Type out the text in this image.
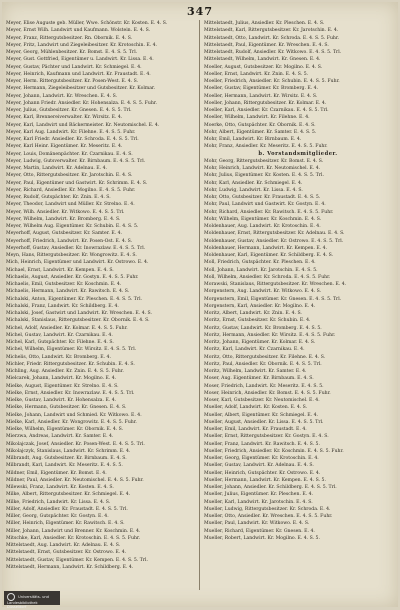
347
Meyer, Elise Auguste geb. Müller, Wwe. Schönstr. Kr. Kosten. E. 4. S.
Meyer, Ernst Wilh. Landwirt und Kaufmann. Wolstein. E. 4. S.
Meyer, Franz, Rittergutsbesitzer. Rn. Obornik. E. 4. S.
Meyer, Fritz, Landwirt und Ziegeleibesitzer. Kr. Krotoschin. E. 4.
Meyer, Georg, Mühlenbesitzer. Kr. Bomst. E. 4. S. 5. Trl.
Meyer, Gust. Gottfried, Eigentümer u. Landwirt. Kr. Lissa. E. 4.
Meyer, Gustav, Pächter und Landwirt. Kr. Schmiegel. E. 4.
Meyer, Heinrich, Kaufmann und Landwirt. Kr. Fraustadt. E. 4.
Meyer, Herm. Rittergutsbesitzer. Kr. Posen-West. E. 4. S.
Meyer, Hermann, Ziegeleibesitzer und Gutsbesitzer. Kr. Kolmar.
Meyer, Johann, Landwirt. Kr. Wreschen. E. 4. S.
Meyer, Johann Friedr. Ansiedler. Kr. Hohensalza. E. 4. S. 5. Fuhr.
Meyer, Julius, Gutsbesitzer. Kr. Gnesen. E. 4. S. 5. Trl.
Meyer, Karl, Brennereiverwalter. Kr. Wirsitz. E. 4.
Meyer, Karl, Landwirt und Bäckermeister. Kr. Neutomischel. E. 4.
Meyer, Karl Aug. Landwirt. Kr. Filehne. E. 4. S. 5. Fuhr.
Meyer, Karl Friedr. Ansiedler. Kr. Schroda. E. 4. S. 5. Trl.
Meyer, Karl Heinr. Eigentümer. Kr. Meseritz. E. 4.
Meyer, Louis, Domänenpächter. Kr. Czarnikau. E. 4. S.
Meyer, Ludwig, Gutsverwalter. Kr. Birnbaum. E. 4. S. 5. Trl.
Meyer, Martin, Landwirt. Kr. Adelnau. E. 4.
Meyer, Otto, Rittergutsbesitzer. Kr. Jarotschin. E. 4. S.
Meyer, Paul, Eigentümer und Gastwirt. Kr. Schrimm. E. 4. S.
Meyer, Richard, Ansiedler. Kr. Mogilno. E. 4. S. 5. Fuhr.
Meyer, Rudolf, Gutspächter. Kr. Znin. E. 4. S.
Meyer, Theodor, Landwirt und Müller. Kr. Strelno. E. 4.
Meyer, Wilh. Ansiedler. Kr. Witkowo. E. 4. S. 5. Trl.
Meyer, Wilhelm, Landwirt. Kr. Bromberg. E. 4. S.
Meyer, Wilhelm Aug. Eigentümer. Kr. Schubin. E. 4. S. 5.
Meyerhoff, August, Gutsbesitzer. Kr. Samter. E. 4.
Meyerhoff, Friedrich, Landwirt. Kr. Posen-Ost. E. 4. S.
Meyerhoff, Gustav, Ansiedler. Kr. Inowrazlaw. E. 4. S. 5. Trl.
Meyn, Hans, Rittergutsbesitzer. Kr. Wongrowitz. E. 4. S.
Mich, Heinrich, Eigentümer und Landwirt. Kr. Ostrowo. E. 4.
Michael, Ernst, Landwirt. Kr. Kempen. E. 4. S.
Michaelis, August, Ansiedler. Kr. Gostyn. E. 4. S. 5. Fuhr.
Michaelis, Emil, Gutsbesitzer. Kr. Koschmin. E. 4.
Michaelis, Hermann, Landwirt. Kr. Rawitsch. E. 4. S.
Michalski, Anton, Eigentümer. Kr. Pleschen. E. 4. S. 5. Trl.
Michalski, Franz, Landwirt. Kr. Schildberg. E. 4.
Michalski, Josef, Gastwirt und Landwirt. Kr. Wreschen. E. 4. S.
Michalski, Stanislaus, Rittergutsbesitzer. Kr. Obornik. E. 4. S.
Michel, Adolf, Ansiedler. Kr. Kolmar. E. 4. S. 5. Fuhr.
Michel, Gustav, Landwirt. Kr. Czarnikau. E. 4.
Michel, Karl, Gutspächter. Kr. Filehne. E. 4. S.
Michel, Wilhelm, Eigentümer. Kr. Wirsitz. E. 4. S. 5. Trl.
Michelis, Otto, Landwirt. Kr. Bromberg. E. 4.
Michler, Friedr. Rittergutsbesitzer. Kr. Schubin. E. 4. S.
Michling, Aug. Ansiedler. Kr. Znin. E. 4. S. 5. Fuhr.
Mielcarek, Johann, Landwirt. Kr. Mogilno. E. 4.
Mielke, August, Eigentümer. Kr. Strelno. E. 4. S.
Mielke, Ernst, Ansiedler. Kr. Inowrazlaw. E. 4. S. 5. Trl.
Mielke, Gustav, Landwirt. Kr. Hohensalza. E. 4.
Mielke, Hermann, Gutsbesitzer. Kr. Gnesen. E. 4. S.
Mielke, Johann, Landwirt und Schmied. Kr. Witkowo. E. 4.
Mielke, Karl, Ansiedler. Kr. Wongrowitz. E. 4. S. 5. Fuhr.
Mielke, Wilhelm, Eigentümer. Kr. Obornik. E. 4. S.
Mierzwa, Andreas, Landwirt. Kr. Samter. E. 4.
Mikolajczak, Josef, Ansiedler. Kr. Posen-West. E. 4. S. 5. Trl.
Mikolajczyk, Stanislaus, Landwirt. Kr. Schrimm. E. 4.
Milbrandt, Aug. Gutsbesitzer. Kr. Birnbaum. E. 4. S.
Milbrandt, Karl, Landwirt. Kr. Meseritz. E. 4. S. 5.
Mildner, Emil, Eigentümer. Kr. Bomst. E. 4.
Mildner, Paul, Ansiedler. Kr. Neutomischel. E. 4. S. 5. Fuhr.
Milewski, Franz, Landwirt. Kr. Kosten. E. 4. S.
Milke, Albert, Rittergutsbesitzer. Kr. Schmiegel. E. 4.
Milke, Friedrich, Landwirt. Kr. Lissa. E. 4. S.
Miller, Adolf, Ansiedler. Kr. Fraustadt. E. 4. S. 5. Trl.
Miller, Georg, Gutspächter. Kr. Gostyn. E. 4.
Miller, Heinrich, Eigentümer. Kr. Rawitsch. E. 4. S.
Miller, Johann, Landwirt und Brenner. Kr. Koschmin. E. 4.
Mitschke, Karl, Ansiedler. Kr. Krotoschin. E. 4. S. 5. Fuhr.
Mittelstaedt, Aug. Landwirt. Kr. Adelnau. E. 4. S.
Mittelstaedt, Ernst, Gutsbesitzer. Kr. Ostrowo. E. 4.
Mittelstaedt, Gustav, Eigentümer. Kr. Kempen. E. 4. S. 5. Trl.
Mittelstaedt, Hermann, Landwirt. Kr. Schildberg. E. 4.
Mittelstaedt, Julius, Ansiedler. Kr. Pleschen. E. 4. S.
Mittelstaedt, Karl, Rittergutsbesitzer. Kr. Jarotschin. E. 4.
Mittelstaedt, Otto, Landwirt. Kr. Schroda. E. 4. S. 5. Fuhr.
Mittelstaedt, Paul, Eigentümer. Kr. Wreschen. E. 4. S.
Mittelstaedt, Rudolf, Ansiedler. Kr. Witkowo. E. 4. S. 5. Trl.
Mittelstaedt, Wilhelm, Landwirt. Kr. Gnesen. E. 4.
Moeller, August, Gutsbesitzer. Kr. Mogilno. E. 4. S.
Moeller, Ernst, Landwirt. Kr. Znin. E. 4. S. 5.
Moeller, Friedrich, Ansiedler. Kr. Schubin. E. 4. S. 5. Fuhr.
Moeller, Gustav, Eigentümer. Kr. Bromberg. E. 4.
Moeller, Hermann, Landwirt. Kr. Wirsitz. E. 4. S.
Moeller, Johann, Rittergutsbesitzer. Kr. Kolmar. E. 4.
Moeller, Karl, Ansiedler. Kr. Czarnikau. E. 4. S. 5. Trl.
Moeller, Wilhelm, Landwirt. Kr. Filehne. E. 4.
Moerke, Otto, Gutspächter. Kr. Obornik. E. 4. S.
Mohr, Albert, Eigentümer. Kr. Samter. E. 4. S. 5.
Mohr, Emil, Landwirt. Kr. Birnbaum. E. 4.
Mohr, Franz, Ansiedler. Kr. Meseritz. E. 4. S. 5. Fuhr.
b. Vorstandsmitglieder.
Mohr, Georg, Rittergutsbesitzer. Kr. Bomst. E. 4. S.
Mohr, Heinrich, Landwirt. Kr. Neutomischel. E. 4.
Mohr, Julius, Eigentümer. Kr. Kosten. E. 4. S. 5. Trl.
Mohr, Karl, Ansiedler. Kr. Schmiegel. E. 4.
Mohr, Ludwig, Landwirt. Kr. Lissa. E. 4. S.
Mohr, Otto, Gutsbesitzer. Kr. Fraustadt. E. 4. S. 5.
Mohr, Paul, Landwirt und Gastwirt. Kr. Gostyn. E. 4.
Mohr, Richard, Ansiedler. Kr. Rawitsch. E. 4. S. 5. Fuhr.
Mohr, Wilhelm, Eigentümer. Kr. Koschmin. E. 4. S.
Moldenhauer, Aug. Landwirt. Kr. Krotoschin. E. 4.
Moldenhauer, Ernst, Rittergutsbesitzer. Kr. Adelnau. E. 4. S.
Moldenhauer, Gustav, Ansiedler. Kr. Ostrowo. E. 4. S. 5. Trl.
Moldenhauer, Hermann, Landwirt. Kr. Kempen. E. 4.
Moldenhauer, Karl, Eigentümer. Kr. Schildberg. E. 4. S.
Moll, Friedrich, Gutspächter. Kr. Pleschen. E. 4.
Moll, Johann, Landwirt. Kr. Jarotschin. E. 4. S. 5.
Moll, Wilhelm, Ansiedler. Kr. Schroda. E. 4. S. 5. Fuhr.
Morawski, Stanislaus, Rittergutsbesitzer. Kr. Wreschen. E. 4.
Morgenstern, Aug. Landwirt. Kr. Witkowo. E. 4. S.
Morgenstern, Emil, Eigentümer. Kr. Gnesen. E. 4. S. 5. Trl.
Morgenstern, Karl, Ansiedler. Kr. Mogilno. E. 4.
Moritz, Albert, Landwirt. Kr. Znin. E. 4. S.
Moritz, Ernst, Gutsbesitzer. Kr. Schubin. E. 4.
Moritz, Gustav, Landwirt. Kr. Bromberg. E. 4. S. 5.
Moritz, Hermann, Ansiedler. Kr. Wirsitz. E. 4. S. 5. Fuhr.
Moritz, Johann, Eigentümer. Kr. Kolmar. E. 4. S.
Moritz, Karl, Landwirt. Kr. Czarnikau. E. 4.
Moritz, Otto, Rittergutsbesitzer. Kr. Filehne. E. 4. S.
Moritz, Paul, Ansiedler. Kr. Obornik. E. 4. S. 5. Trl.
Moritz, Wilhelm, Landwirt. Kr. Samter. E. 4.
Moser, Aug. Eigentümer. Kr. Birnbaum. E. 4. S.
Moser, Friedrich, Landwirt. Kr. Meseritz. E. 4. S. 5.
Moser, Heinrich, Ansiedler. Kr. Bomst. E. 4. S. 5. Fuhr.
Moser, Karl, Gutsbesitzer. Kr. Neutomischel. E. 4.
Mueller, Adolf, Landwirt. Kr. Kosten. E. 4. S.
Mueller, Albert, Eigentümer. Kr. Schmiegel. E. 4.
Mueller, August, Ansiedler. Kr. Lissa. E. 4. S. 5. Trl.
Mueller, Emil, Landwirt. Kr. Fraustadt. E. 4.
Mueller, Ernst, Rittergutsbesitzer. Kr. Gostyn. E. 4. S.
Mueller, Franz, Landwirt. Kr. Rawitsch. E. 4. S. 5.
Mueller, Friedrich, Ansiedler. Kr. Koschmin. E. 4. S. 5. Fuhr.
Mueller, Georg, Eigentümer. Kr. Krotoschin. E. 4.
Mueller, Gustav, Landwirt. Kr. Adelnau. E. 4. S.
Mueller, Heinrich, Gutspächter. Kr. Ostrowo. E. 4.
Mueller, Hermann, Landwirt. Kr. Kempen. E. 4. S. 5.
Mueller, Johann, Ansiedler. Kr. Schildberg. E. 4. S. 5. Trl.
Mueller, Julius, Eigentümer. Kr. Pleschen. E. 4.
Mueller, Karl, Landwirt. Kr. Jarotschin. E. 4. S.
Mueller, Ludwig, Rittergutsbesitzer. Kr. Schroda. E. 4.
Mueller, Otto, Ansiedler. Kr. Wreschen. E. 4. S. 5. Fuhr.
Mueller, Paul, Landwirt. Kr. Witkowo. E. 4. S.
Mueller, Richard, Eigentümer. Kr. Gnesen. E. 4.
Mueller, Robert, Landwirt. Kr. Mogilno. E. 4. S. 5.
Universitäts- und
Landesbibliothek Düsseldorf
